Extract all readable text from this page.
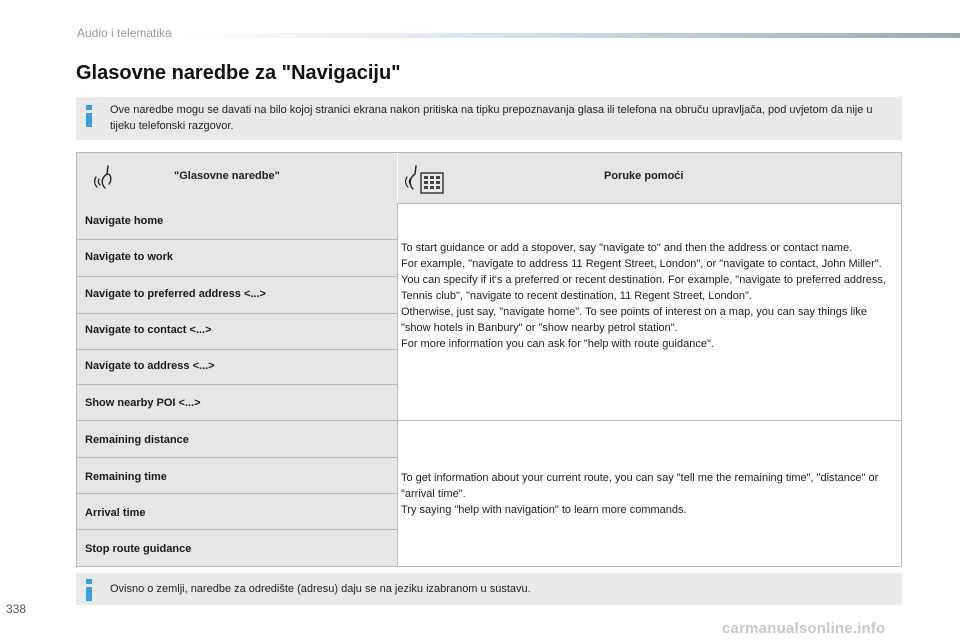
Audio i telematika
Glasovne naredbe za "Navigaciju"
Ove naredbe mogu se davati na bilo kojoj stranici ekrana nakon pritiska na tipku prepoznavanja glasa ili telefona na obruču upravljača, pod uvjetom da nije u tijeku telefonski razgovor.
"Glasovne naredbe"	Poruke pomoći
Navigate home
Navigate to work
Navigate to preferred address <...>
Navigate to contact <...>
Navigate to address <...>
Show nearby POI <...>
Remaining distance
Remaining time
Arrival time
Stop route guidance

To start guidance or add a stopover, say "navigate to" and then the address or contact name.

For example, "navigate to address 11 Regent Street, London", or "navigate to contact, John Miller".

You can specify if it's a preferred or recent destination. For example, "navigate to preferred address, Tennis club", "navigate to recent destination, 11 Regent Street, London".

Otherwise, just say, "navigate home". To see points of interest on a map, you can say things like "show hotels in Banbury" or "show nearby petrol station".

For more information you can ask for "help with route guidance".

To get information about your current route, you can say "tell me the remaining time", "distance" or "arrival time".

Try saying "help with navigation" to learn more commands.

Ovisno o zemlji, naredbe za odredište (adresu) daju se na jeziku izabranom u sustavu.
338
carmanualsonline.info
